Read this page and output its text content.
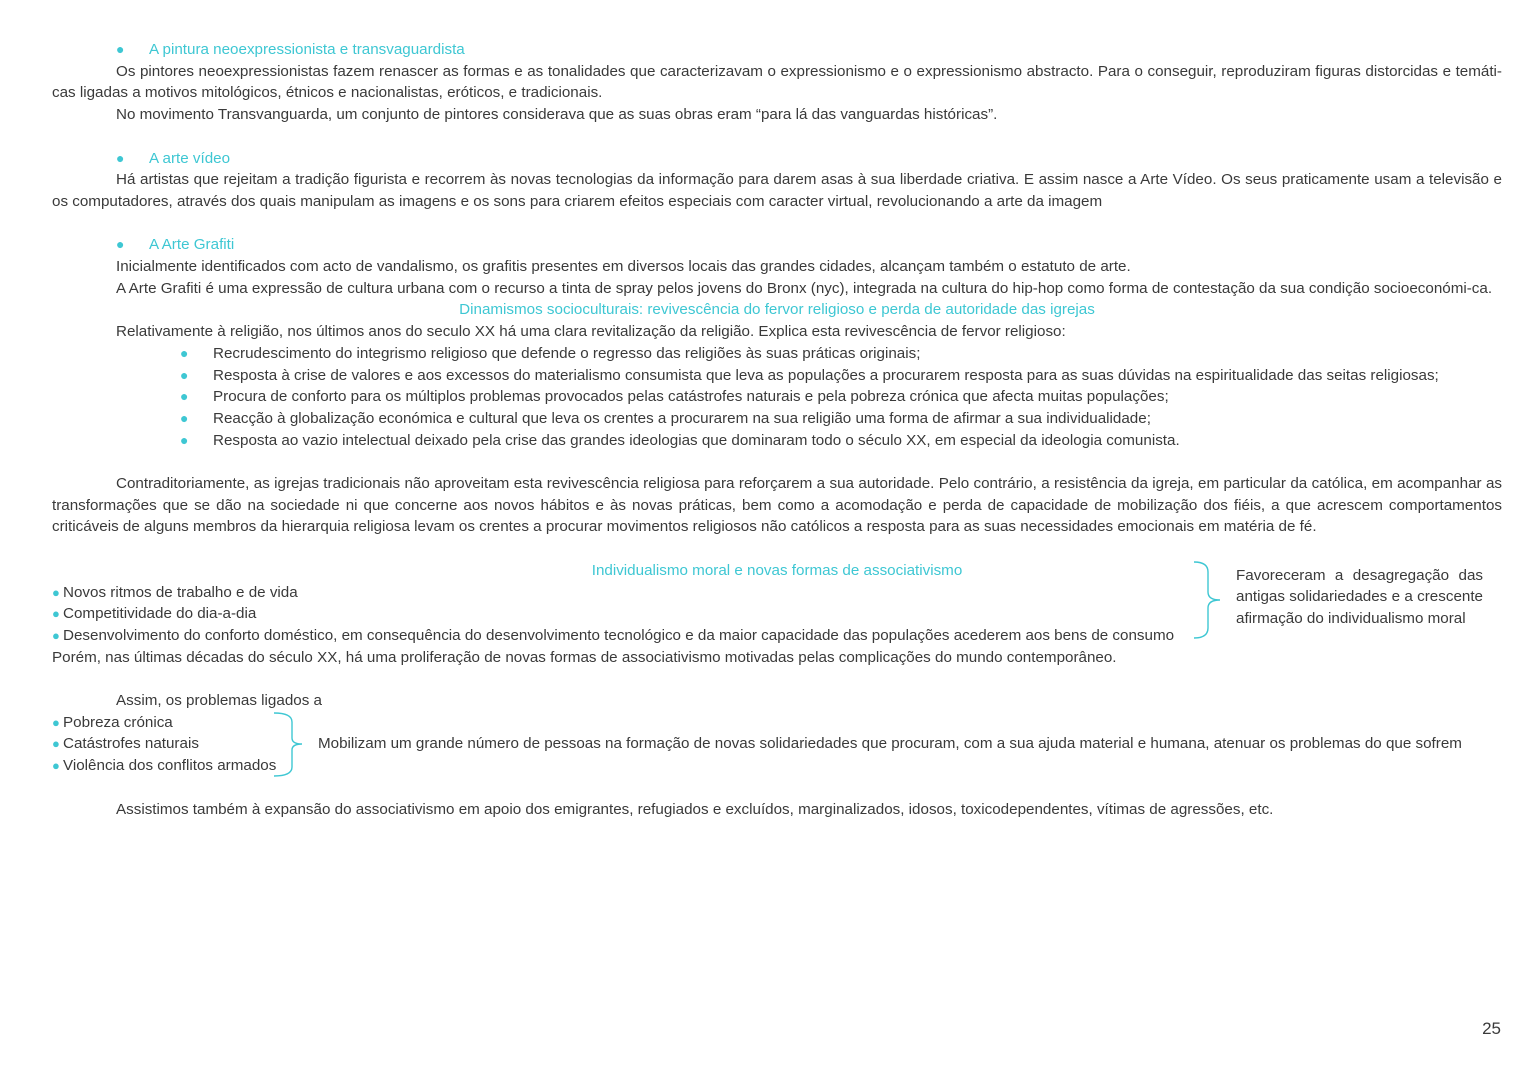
●	A pintura neoexpressionista e transvaguardista

Os pintores neoexpressionistas fazem renascer as formas e as tonalidades que caracterizavam o expressionismo e o expressionismo abstracto. Para o conseguir, reproduziram figuras distorcidas e temáti-cas ligadas a motivos mitológicos, étnicos e nacionalistas, eróticos, e tradicionais.

No movimento Transvanguarda, um conjunto de pintores considerava que as suas obras eram “para lá das vanguardas históricas”.

●	A arte vídeo

Há artistas que rejeitam a tradição figurista e recorrem às novas tecnologias da informação para darem asas à sua liberdade criativa. E assim nasce a Arte Vídeo. Os seus praticamente usam a televisão e os computadores, através dos quais manipulam as imagens e os sons para criarem efeitos especiais com caracter virtual, revolucionando a arte da imagem

●	A Arte Grafiti

Inicialmente identificados com acto de vandalismo, os grafitis presentes em diversos locais das grandes cidades, alcançam também o estatuto de arte.

A Arte Grafiti é uma expressão de cultura urbana com o recurso a tinta de spray pelos jovens do Bronx (nyc), integrada na cultura do hip-hop como forma de contestação da sua condição socioeconómi-ca.

Dinamismos socioculturais: revivescência do fervor religioso e perda de autoridade das igrejas

Relativamente à religião, nos últimos anos do seculo XX há uma clara revitalização da religião. Explica esta revivescência de fervor religioso:

●	Recrudescimento do integrismo religioso que defende o regresso das religiões às suas práticas originais;
●	Resposta à crise de valores e aos excessos do materialismo consumista que leva as populações a procurarem resposta para as suas dúvidas na espiritualidade das seitas religiosas;
●	Procura de conforto para os múltiplos problemas provocados pelas catástrofes naturais e pela pobreza crónica que afecta muitas populações;
●	Reacção à globalização económica e cultural que leva os crentes a procurarem na sua religião uma forma de afirmar a sua individualidade;
●	Resposta ao vazio intelectual deixado pela crise das grandes ideologias que dominaram todo o século XX, em especial da ideologia comunista.

Contraditoriamente, as igrejas tradicionais não aproveitam esta revivescência religiosa para reforçarem a sua autoridade. Pelo contrário, a resistência da igreja, em particular da católica, em acompanhar as transformações que se dão na sociedade ni que concerne aos novos hábitos e às novas práticas, bem como a acomodação e perda de capacidade de mobilização dos fiéis, a que acrescem comportamentos criticáveis de alguns membros da hierarquia religiosa levam os crentes a procurar movimentos religiosos não católicos a resposta para as suas necessidades emocionais em matéria de fé.

Individualismo moral e novas formas de associativismo

● Novos ritmos de trabalho e de vida
● Competitividade do dia-a-dia
● Desenvolvimento do conforto doméstico, em consequência do desenvolvimento tecnológico e da maior capacidade das populações acederem aos bens de consumo

Favoreceram a desagregação das antigas solidariedades e a crescente afirmação do individualismo moral

Porém, nas últimas décadas do século XX, há uma proliferação de novas formas de associativismo motivadas pelas complicações do mundo contemporâneo.

Assim, os problemas ligados a

● Pobreza crónica
● Catástrofes naturais
● Violência dos conflitos armados

Mobilizam um grande número de pessoas na formação de novas solidariedades que procuram, com a sua ajuda material e humana, atenuar os problemas do que sofrem

Assistimos também à expansão do associativismo em apoio dos emigrantes, refugiados e excluídos, marginalizados, idosos, toxicodependentes, vítimas de agressões, etc.

25
